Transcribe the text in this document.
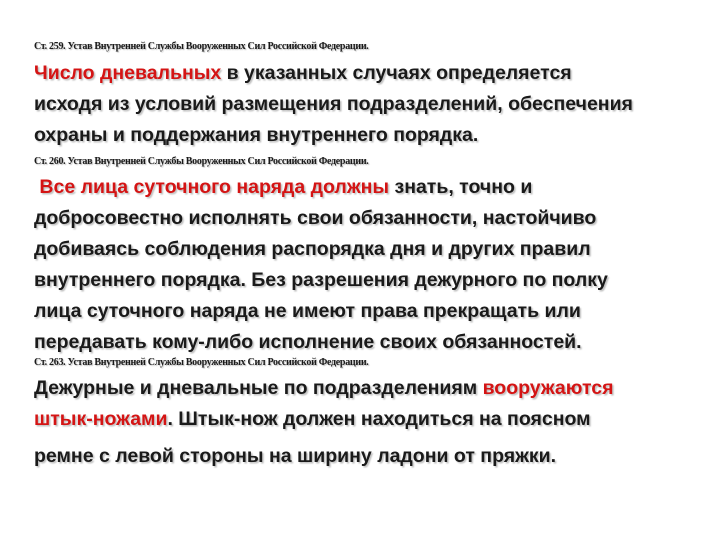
Ст. 259. Устав Внутренней Службы Вооруженных Сил Российской Федерации.
Число дневальных в указанных случаях определяется
исходя из условий размещения подразделений, обеспечения
охраны и поддержания внутреннего порядка.
Ст. 260. Устав Внутренней Службы Вооруженных Сил Российской Федерации.
Все лица суточного наряда должны знать, точно и
добросовестно исполнять свои обязанности, настойчиво
добиваясь соблюдения распорядка дня и других правил
внутреннего порядка. Без разрешения дежурного по полку
лица суточного наряда не имеют права прекращать или
передавать кому-либо исполнение своих обязанностей.
Ст. 263. Устав Внутренней Службы Вооруженных Сил Российской Федерации.
Дежурные и дневальные по подразделениям вооружаются
штык-ножами. Штык-нож должен находиться на поясном
ремне с левой стороны на ширину ладони от пряжки.
